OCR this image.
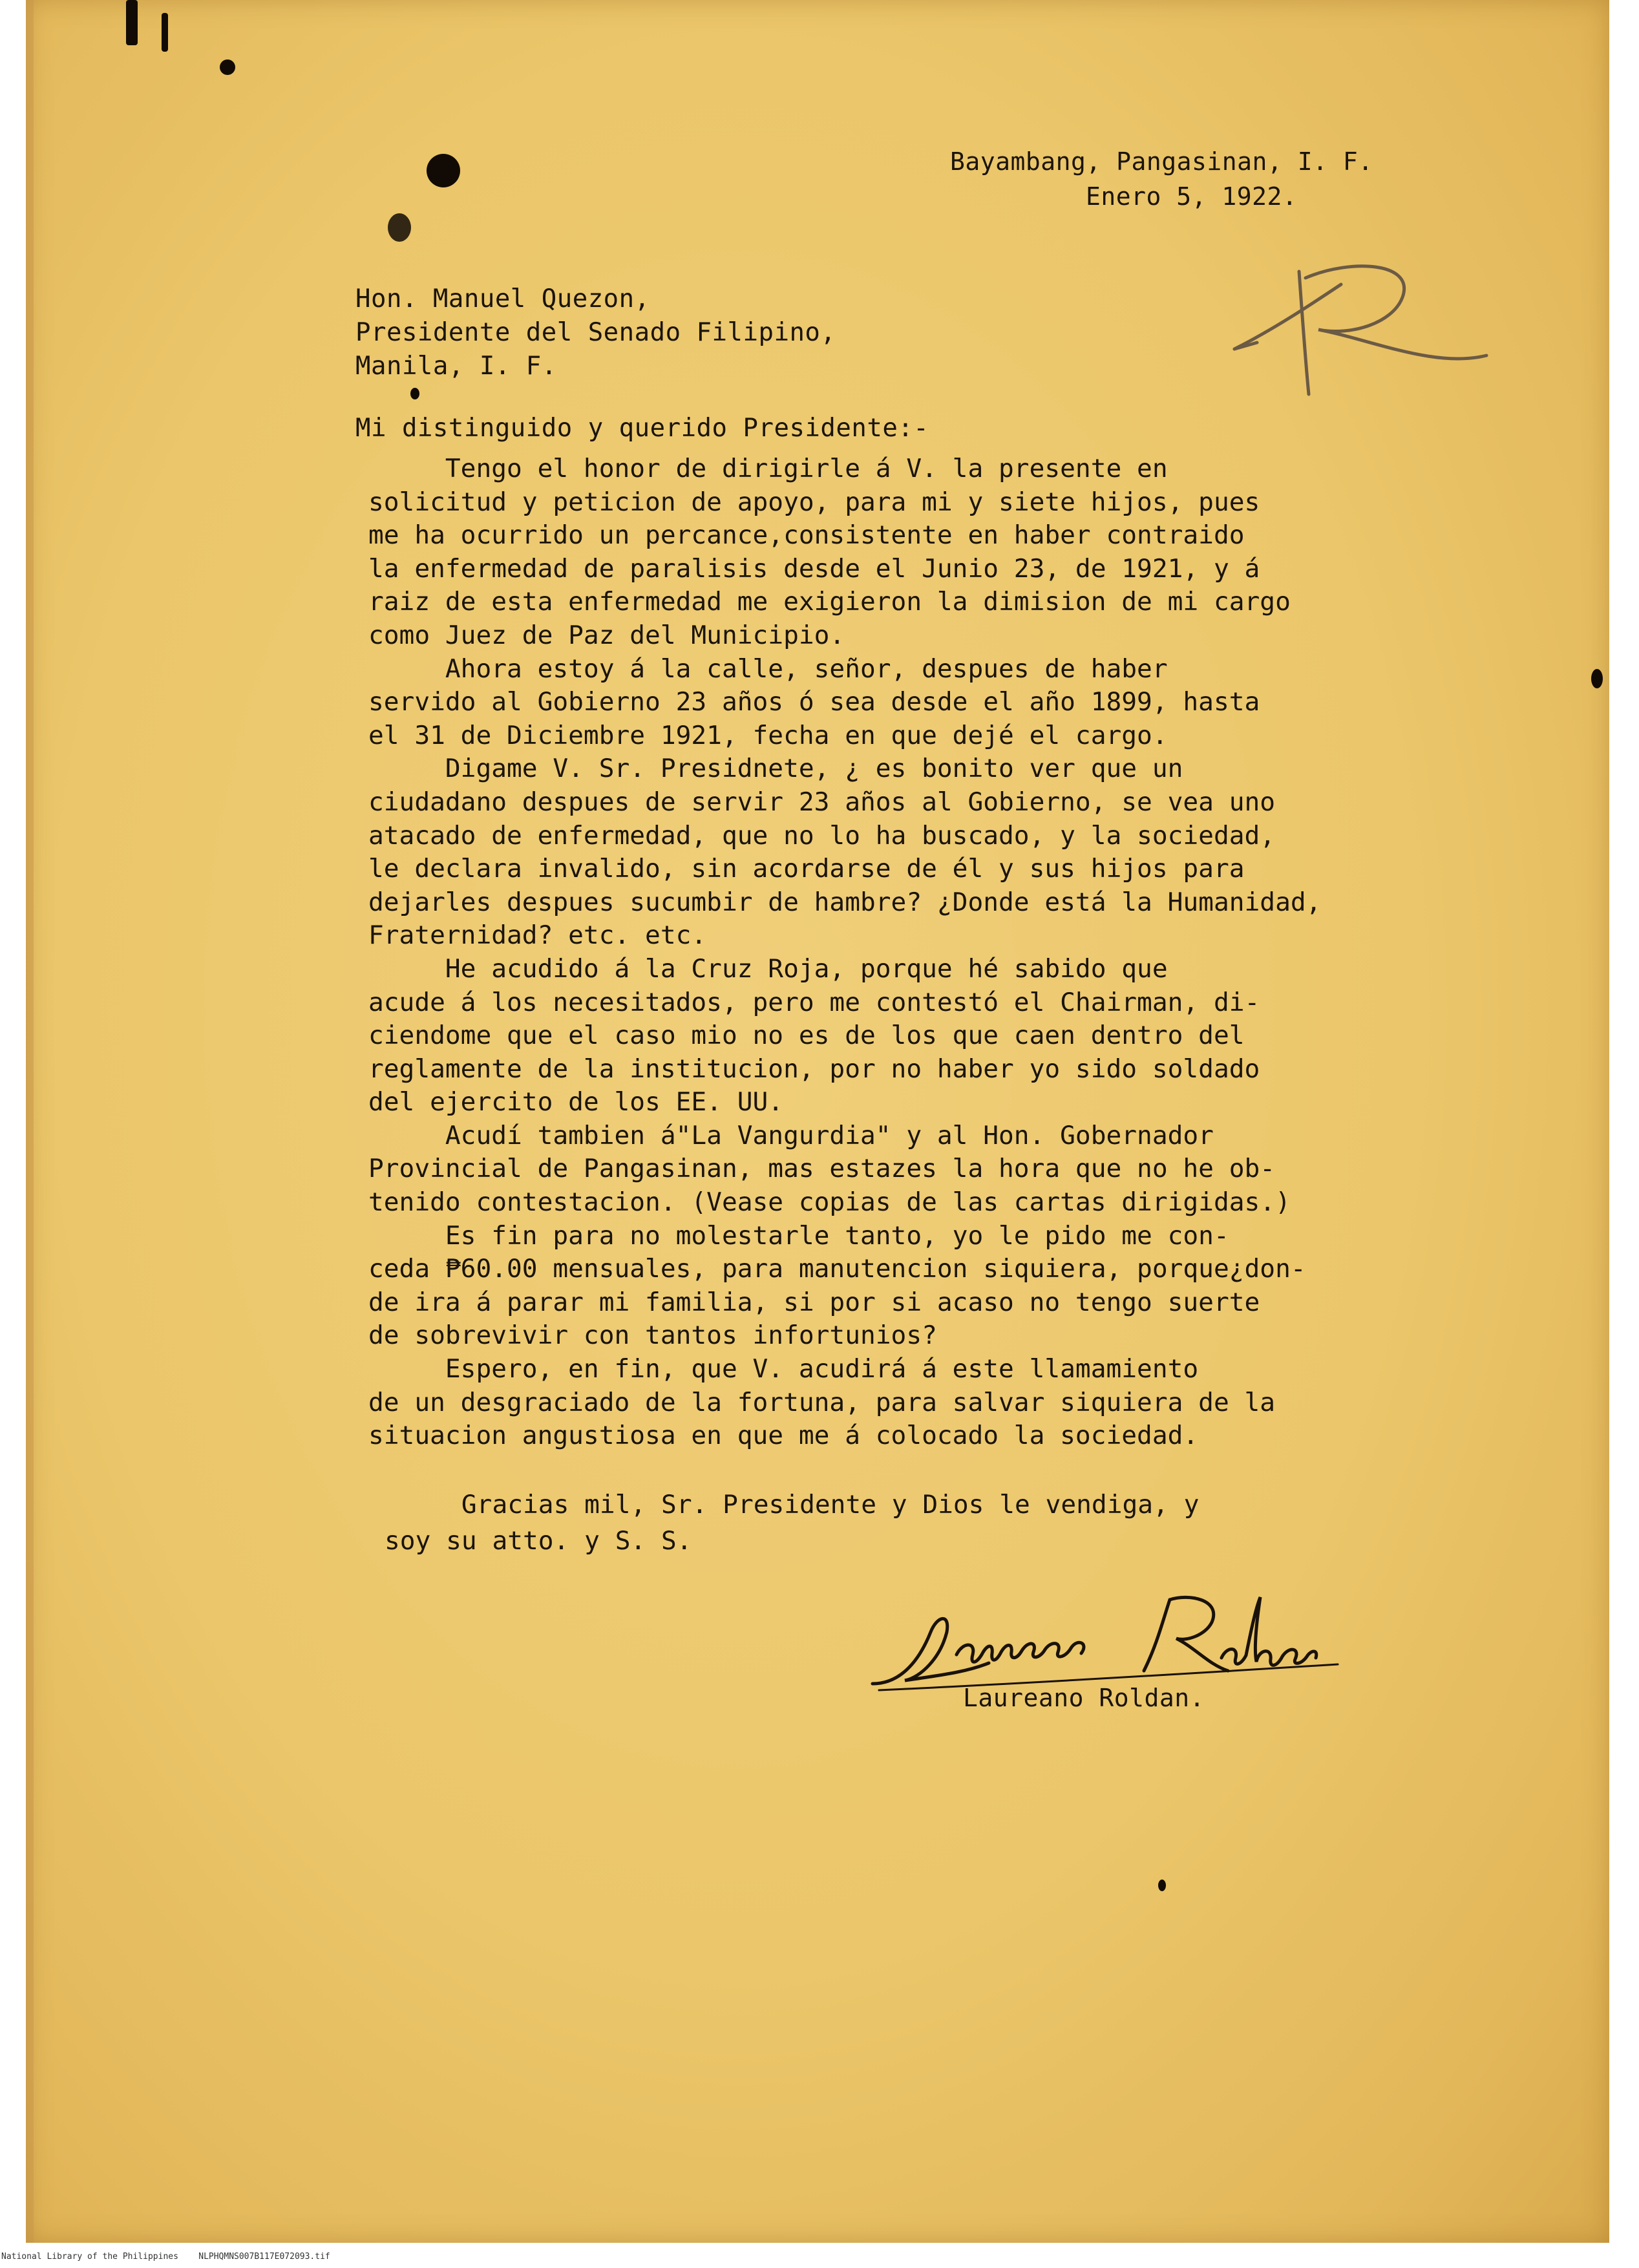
Bayambang, Pangasinan, I. F.

Enero 5, 1922.

Hon. Manuel Quezon,

Presidente del Senado Filipino,

Manila, I. F.

Mi distinguido y querido Presidente:-

Tengo el honor de dirigirle á V. la presente en

solicitud y peticion de apoyo, para mi y siete hijos, pues

me ha ocurrido un percance,consistente en haber contraido

la enfermedad de paralisis desde el Junio 23, de 1921, y á

raiz de esta enfermedad me exigieron la dimision de mi cargo

como Juez de Paz del Municipio.

Ahora estoy á la calle, señor, despues de haber

servido al Gobierno 23 años ó sea desde el año 1899, hasta

el 31 de Diciembre 1921, fecha en que dejé el cargo.

Digame V. Sr. Presidnete, ¿ es bonito ver que un

ciudadano despues de servir 23 años al Gobierno, se vea uno

atacado de enfermedad, que no lo ha buscado, y la sociedad,

le declara invalido, sin acordarse de él y sus hijos para

dejarles despues sucumbir de hambre? ¿Donde está la Humanidad,

Fraternidad? etc. etc.

He acudido á la Cruz Roja, porque hé sabido que

acude á los necesitados, pero me contestó el Chairman, di-

ciendome que el caso mio no es de los que caen dentro del

reglamente de la institucion, por no haber yo sido soldado

del ejercito de los EE. UU.

Acudí tambien á"La Vangurdia" y al Hon. Gobernador

Provincial de Pangasinan, mas estazes la hora que no he ob-

tenido contestacion. (Vease copias de las cartas dirigidas.)

Es fin para no molestarle tanto, yo le pido me con-

ceda ₱60.00 mensuales, para manutencion siquiera, porque¿don-

de ira á parar mi familia, si por si acaso no tengo suerte

de sobrevivir con tantos infortunios?

Espero, en fin, que V. acudirá á este llamamiento

de un desgraciado de la fortuna, para salvar siquiera de la

situacion angustiosa en que me á colocado la sociedad.

Gracias mil, Sr. Presidente y Dios le vendiga, y

soy su atto. y S. S.

Laureano Roldan.

National Library of the Philippines    NLPHQMNS007B117E072093.tif
